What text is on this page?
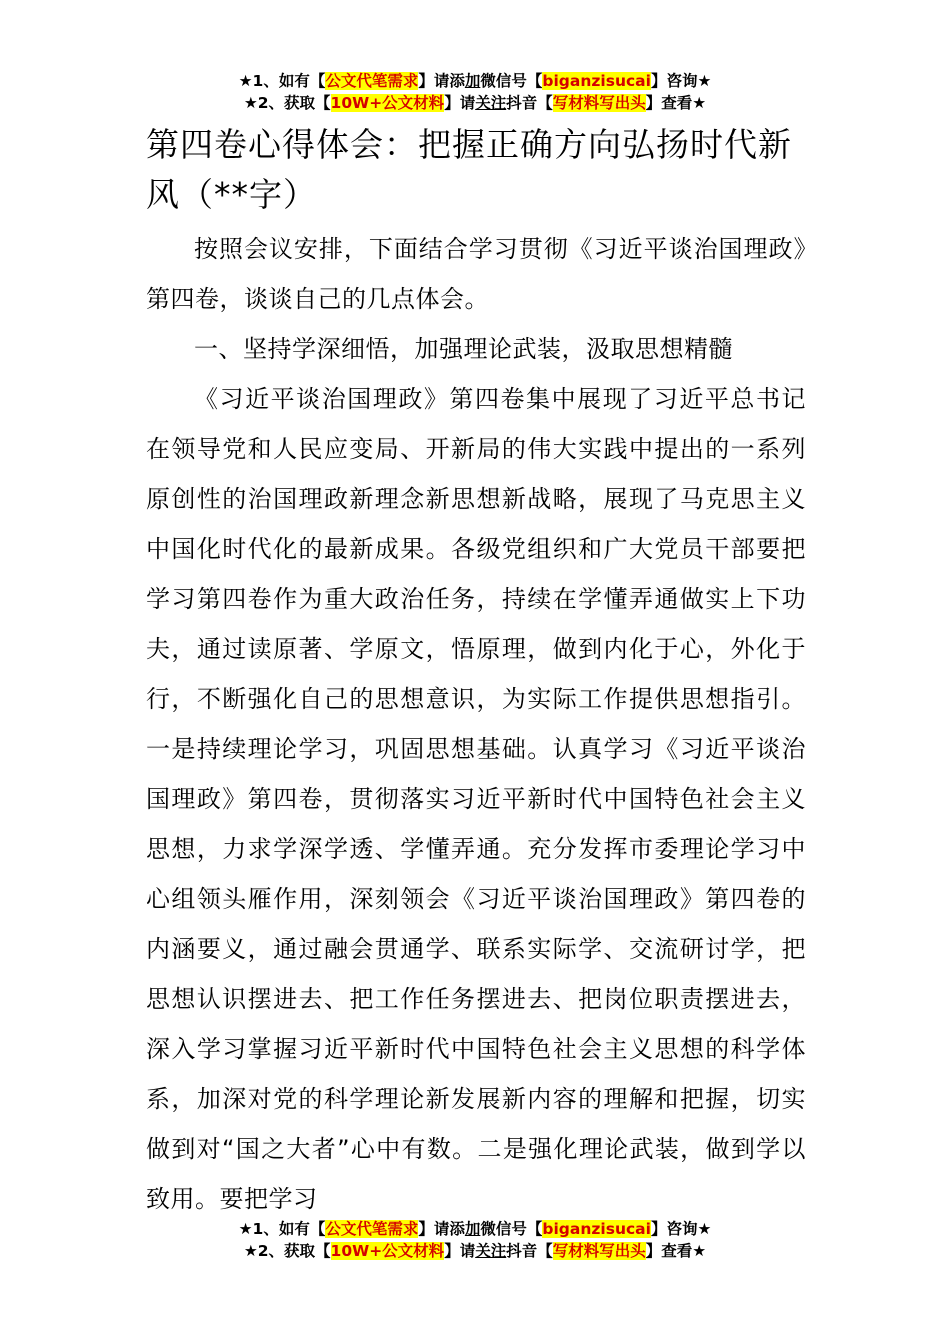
★1、如有【公文代笔需求】请添加微信号【biganzisucai】咨询★
★2、获取【10W+公文材料】请关注抖音【写材料写出头】查看★
第四卷心得体会：把握正确方向弘扬时代新风（**字）

按照会议安排，下面结合学习贯彻《习近平谈治国理政》第四卷，谈谈自己的几点体会。

一、坚持学深细悟，加强理论武装，汲取思想精髓

《习近平谈治国理政》第四卷集中展现了习近平总书记在领导党和人民应变局、开新局的伟大实践中提出的一系列原创性的治国理政新理念新思想新战略，展现了马克思主义中国化时代化的最新成果。各级党组织和广大党员干部要把学习第四卷作为重大政治任务，持续在学懂弄通做实上下功夫，通过读原著、学原文，悟原理，做到内化于心，外化于行，不断强化自己的思想意识，为实际工作提供思想指引。一是持续理论学习，巩固思想基础。认真学习《习近平谈治国理政》第四卷，贯彻落实习近平新时代中国特色社会主义思想，力求学深学透、学懂弄通。充分发挥市委理论学习中心组领头雁作用，深刻领会《习近平谈治国理政》第四卷的内涵要义，通过融会贯通学、联系实际学、交流研讨学，把思想认识摆进去、把工作任务摆进去、把岗位职责摆进去，深入学习掌握习近平新时代中国特色社会主义思想的科学体系，加深对党的科学理论新发展新内容的理解和把握，切实做到对“国之大者”心中有数。二是强化理论武装，做到学以致用。要把学习

★1、如有【公文代笔需求】请添加微信号【biganzisucai】咨询★
★2、获取【10W+公文材料】请关注抖音【写材料写出头】查看★
